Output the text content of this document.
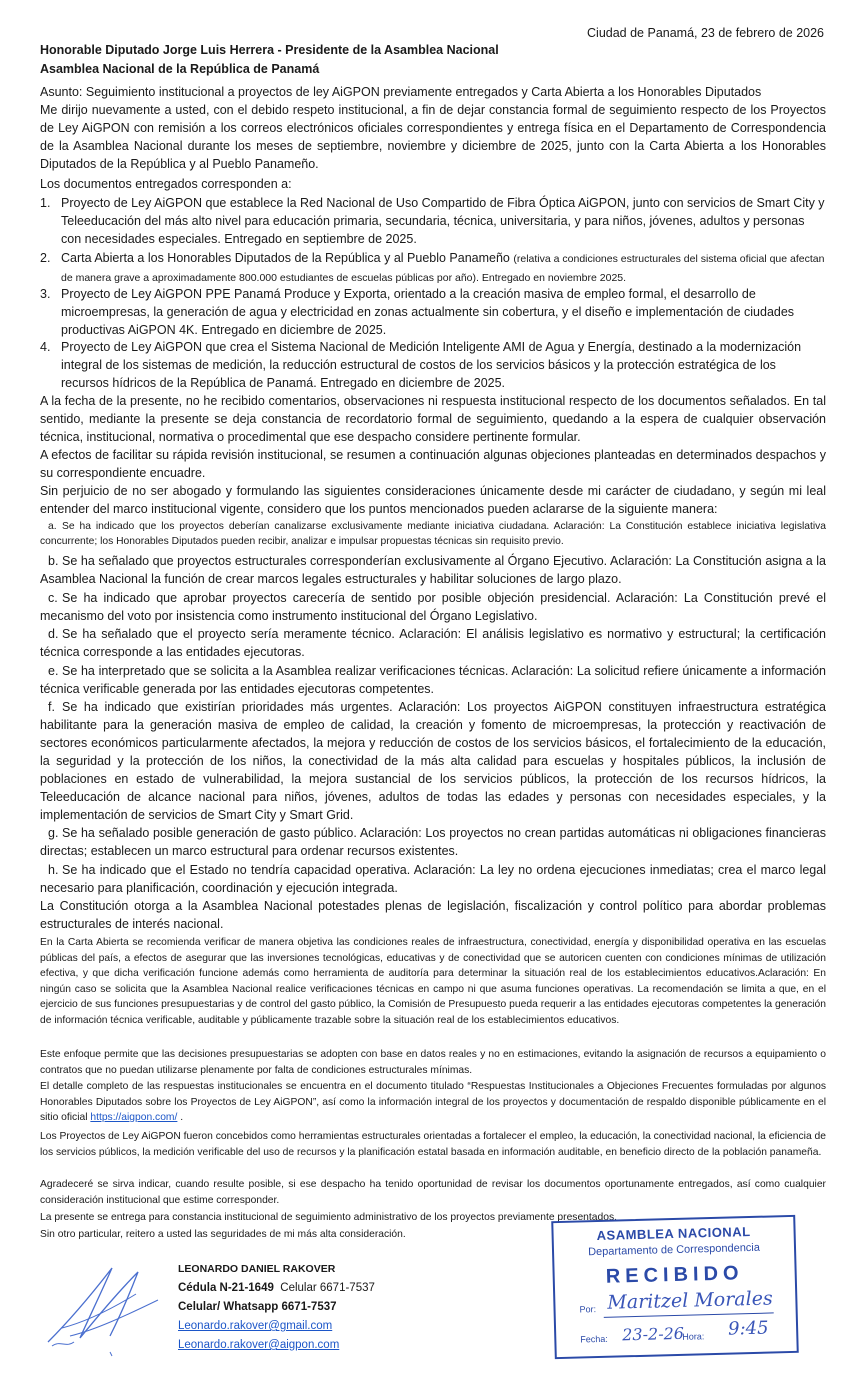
Ciudad de Panamá, 23 de febrero de 2026
Honorable Diputado Jorge Luis Herrera - Presidente de la Asamblea Nacional
Asamblea Nacional de la República de Panamá
Asunto: Seguimiento institucional a proyectos de ley AiGPON previamente entregados y Carta Abierta a los Honorables Diputados
Me dirijo nuevamente a usted, con el debido respeto institucional, a fin de dejar constancia formal de seguimiento respecto de los Proyectos de Ley AiGPON con remisión a los correos electrónicos oficiales correspondientes y entrega física en el Departamento de Correspondencia de la Asamblea Nacional durante los meses de septiembre, noviembre y diciembre de 2025, junto con la Carta Abierta a los Honorables Diputados de la República y al Pueblo Panameño.
Los documentos entregados corresponden a:
1. Proyecto de Ley AiGPON que establece la Red Nacional de Uso Compartido de Fibra Óptica AiGPON, junto con servicios de Smart City y Teleeducación del más alto nivel para educación primaria, secundaria, técnica, universitaria, y para niños, jóvenes, adultos y personas con necesidades especiales. Entregado en septiembre de 2025.
2. Carta Abierta a los Honorables Diputados de la República y al Pueblo Panameño (relativa a condiciones estructurales del sistema oficial que afectan de manera grave a aproximadamente 800.000 estudiantes de escuelas públicas por año). Entregado en noviembre 2025.
3. Proyecto de Ley AiGPON PPE Panamá Produce y Exporta, orientado a la creación masiva de empleo formal, el desarrollo de microempresas, la generación de agua y electricidad en zonas actualmente sin cobertura, y el diseño e implementación de ciudades productivas AiGPON 4K. Entregado en diciembre de 2025.
4. Proyecto de Ley AiGPON que crea el Sistema Nacional de Medición Inteligente AMI de Agua y Energía, destinado a la modernización integral de los sistemas de medición, la reducción estructural de costos de los servicios básicos y la protección estratégica de los recursos hídricos de la República de Panamá. Entregado en diciembre de 2025.
A la fecha de la presente, no he recibido comentarios, observaciones ni respuesta institucional respecto de los documentos señalados. En tal sentido, mediante la presente se deja constancia de recordatorio formal de seguimiento, quedando a la espera de cualquier observación técnica, institucional, normativa o procedimental que ese despacho considere pertinente formular.
A efectos de facilitar su rápida revisión institucional, se resumen a continuación algunas objeciones planteadas en determinados despachos y su correspondiente encuadre.
Sin perjuicio de no ser abogado y formulando las siguientes consideraciones únicamente desde mi carácter de ciudadano, y según mi leal entender del marco institucional vigente, considero que los puntos mencionados pueden aclararse de la siguiente manera:
a. Se ha indicado que los proyectos deberían canalizarse exclusivamente mediante iniciativa ciudadana. Aclaración: La Constitución establece iniciativa legislativa concurrente; los Honorables Diputados pueden recibir, analizar e impulsar propuestas técnicas sin requisito previo.
b. Se ha señalado que proyectos estructurales corresponderían exclusivamente al Órgano Ejecutivo. Aclaración: La Constitución asigna a la Asamblea Nacional la función de crear marcos legales estructurales y habilitar soluciones de largo plazo.
c. Se ha indicado que aprobar proyectos carecería de sentido por posible objeción presidencial. Aclaración: La Constitución prevé el mecanismo del voto por insistencia como instrumento institucional del Órgano Legislativo.
d. Se ha señalado que el proyecto sería meramente técnico. Aclaración: El análisis legislativo es normativo y estructural; la certificación técnica corresponde a las entidades ejecutoras.
e. Se ha interpretado que se solicita a la Asamblea realizar verificaciones técnicas. Aclaración: La solicitud refiere únicamente a información técnica verificable generada por las entidades ejecutoras competentes.
f. Se ha indicado que existirían prioridades más urgentes. Aclaración: Los proyectos AiGPON constituyen infraestructura estratégica habilitante para la generación masiva de empleo de calidad, la creación y fomento de microempresas, la protección y reactivación de sectores económicos particularmente afectados, la mejora y reducción de costos de los servicios básicos, el fortalecimiento de la educación, la seguridad y la protección de los niños, la conectividad de la más alta calidad para escuelas y hospitales públicos, la inclusión de poblaciones en estado de vulnerabilidad, la mejora sustancial de los servicios públicos, la protección de los recursos hídricos, la Teleeducación de alcance nacional para niños, jóvenes, adultos de todas las edades y personas con necesidades especiales, y la implementación de servicios de Smart City y Smart Grid.
g. Se ha señalado posible generación de gasto público. Aclaración: Los proyectos no crean partidas automáticas ni obligaciones financieras directas; establecen un marco estructural para ordenar recursos existentes.
h. Se ha indicado que el Estado no tendría capacidad operativa. Aclaración: La ley no ordena ejecuciones inmediatas; crea el marco legal necesario para planificación, coordinación y ejecución integrada.
La Constitución otorga a la Asamblea Nacional potestades plenas de legislación, fiscalización y control político para abordar problemas estructurales de interés nacional.
En la Carta Abierta se recomienda verificar de manera objetiva las condiciones reales de infraestructura, conectividad, energía y disponibilidad operativa en las escuelas públicas del país, a efectos de asegurar que las inversiones tecnológicas, educativas y de conectividad que se autoricen cuenten con condiciones mínimas de utilización efectiva, y que dicha verificación funcione además como herramienta de auditoría para determinar la situación real de los establecimientos educativos.Aclaración: En ningún caso se solicita que la Asamblea Nacional realice verificaciones técnicas en campo ni que asuma funciones operativas. La recomendación se limita a que, en el ejercicio de sus funciones presupuestarias y de control del gasto público, la Comisión de Presupuesto pueda requerir a las entidades ejecutoras competentes la generación de información técnica verificable, auditable y públicamente trazable sobre la situación real de los establecimientos educativos.
Este enfoque permite que las decisiones presupuestarias se adopten con base en datos reales y no en estimaciones, evitando la asignación de recursos a equipamiento o contratos que no puedan utilizarse plenamente por falta de condiciones estructurales mínimas.
El detalle completo de las respuestas institucionales se encuentra en el documento titulado “Respuestas Institucionales a Objeciones Frecuentes formuladas por algunos Honorables Diputados sobre los Proyectos de Ley AiGPON”, así como la información integral de los proyectos y documentación de respaldo disponible públicamente en el sitio oficial https://aigpon.com/ .
Los Proyectos de Ley AiGPON fueron concebidos como herramientas estructurales orientadas a fortalecer el empleo, la educación, la conectividad nacional, la eficiencia de los servicios públicos, la medición verificable del uso de recursos y la planificación estatal basada en información auditable, en beneficio directo de la población panameña.
Agradeceré se sirva indicar, cuando resulte posible, si ese despacho ha tenido oportunidad de revisar los documentos oportunamente entregados, así como cualquier consideración institucional que estime corresponder.
La presente se entrega para constancia institucional de seguimiento administrativo de los proyectos previamente presentados.
Sin otro particular, reitero a usted las seguridades de mi más alta consideración.
LEONARDO DANIEL RAKOVER
Cédula N-21-1649 Celular 6671-7537
Celular/ Whatsapp 6671-7537
Leonardo.rakover@gmail.com
Leonardo.rakover@aigpon.com
ASAMBLEA NACIONAL
Departamento de Correspondencia
RECIBIDO
Por: Maritzel Morales
Fecha: 23-2-26
Hora: 9:45
